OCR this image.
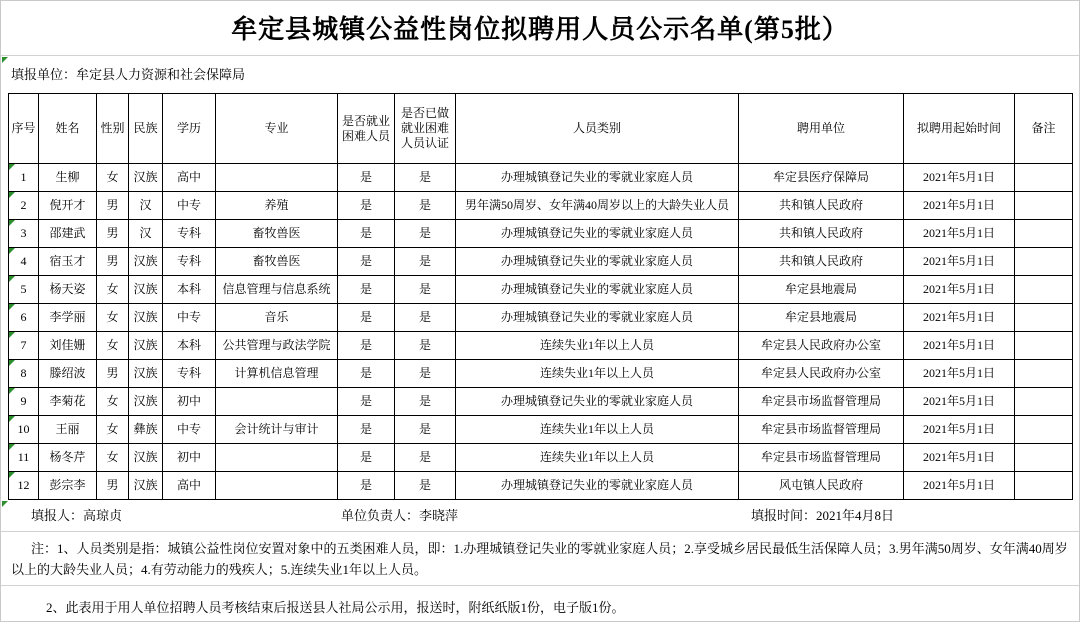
牟定县城镇公益性岗位拟聘用人员公示名单(第5批）
填报单位：牟定县人力资源和社会保障局
序号	姓名	性别	民族	学历	专业	是否就业困难人员	是否已做就业困难人员认证	人员类别	聘用单位	拟聘用起始时间	备注
1	生柳	女	汉族	高中		是	是	办理城镇登记失业的零就业家庭人员	牟定县医疗保障局	2021年5月1日	
2	倪开才	男	汉	中专	养殖	是	是	男年满50周岁、女年满40周岁以上的大龄失业人员	共和镇人民政府	2021年5月1日	
3	邵建武	男	汉	专科	畜牧兽医	是	是	办理城镇登记失业的零就业家庭人员	共和镇人民政府	2021年5月1日	
4	宿玉才	男	汉族	专科	畜牧兽医	是	是	办理城镇登记失业的零就业家庭人员	共和镇人民政府	2021年5月1日	
5	杨天姿	女	汉族	本科	信息管理与信息系统	是	是	办理城镇登记失业的零就业家庭人员	牟定县地震局	2021年5月1日	
6	李学丽	女	汉族	中专	音乐	是	是	办理城镇登记失业的零就业家庭人员	牟定县地震局	2021年5月1日	
7	刘佳姗	女	汉族	本科	公共管理与政法学院	是	是	连续失业1年以上人员	牟定县人民政府办公室	2021年5月1日	
8	滕绍波	男	汉族	专科	计算机信息管理	是	是	连续失业1年以上人员	牟定县人民政府办公室	2021年5月1日	
9	李菊花	女	汉族	初中		是	是	办理城镇登记失业的零就业家庭人员	牟定县市场监督管理局	2021年5月1日	
10	王丽	女	彝族	中专	会计统计与审计	是	是	连续失业1年以上人员	牟定县市场监督管理局	2021年5月1日	
11	杨冬芹	女	汉族	初中		是	是	连续失业1年以上人员	牟定县市场监督管理局	2021年5月1日	
12	彭宗李	男	汉族	高中		是	是	办理城镇登记失业的零就业家庭人员	风屯镇人民政府	2021年5月1日	
填报人：高琼贞	单位负责人：李晓萍	填报时间：2021年4月8日
注：1、人员类别是指：城镇公益性岗位安置对象中的五类困难人员，即：1.办理城镇登记失业的零就业家庭人员；2.享受城乡居民最低生活保障人员；3.男年满50周岁、女年满40周岁以上的大龄失业人员；4.有劳动能力的残疾人；5.连续失业1年以上人员。
2、此表用于用人单位招聘人员考核结束后报送县人社局公示用，报送时，附纸纸版1份，电子版1份。
